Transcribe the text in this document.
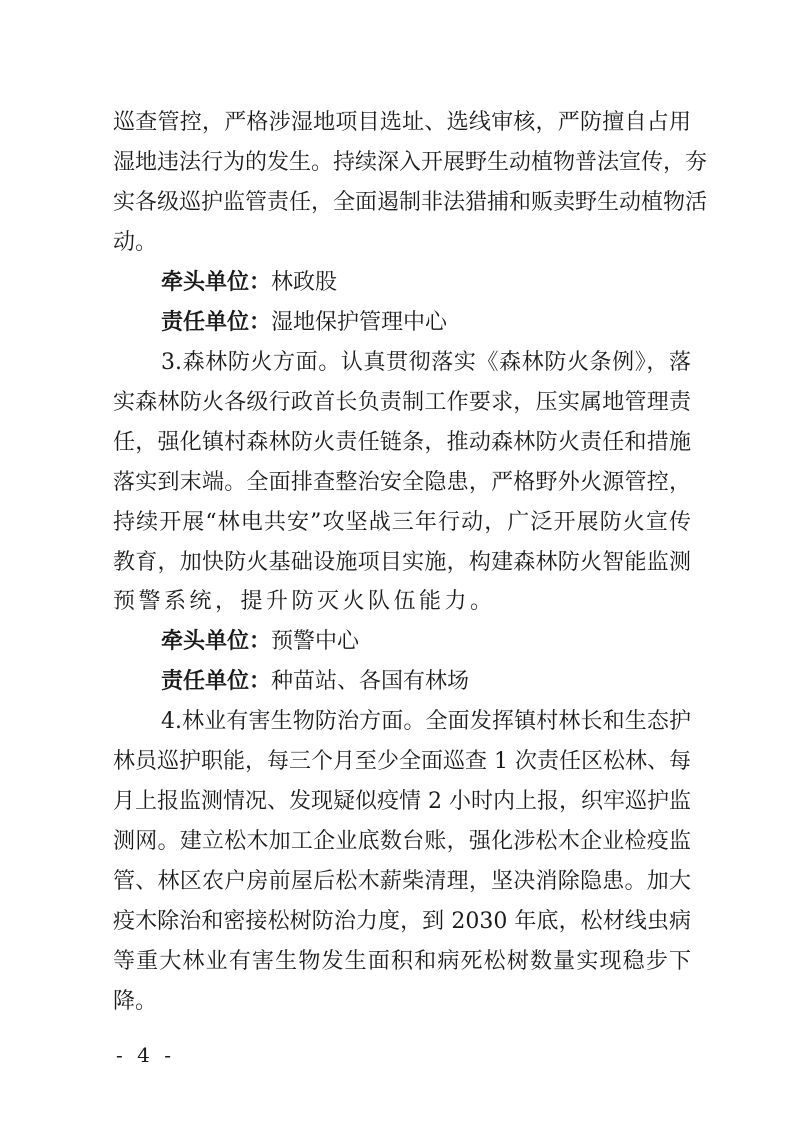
巡查管控，严格涉湿地项目选址、选线审核，严防擅自占用
湿地违法行为的发生。持续深入开展野生动植物普法宣传，夯
实各级巡护监管责任，全面遏制非法猎捕和贩卖野生动植物活
动。
牵头单位：林政股
责任单位：湿地保护管理中心
3.森林防火方面。认真贯彻落实《森林防火条例》，落
实森林防火各级行政首长负责制工作要求，压实属地管理责
任，强化镇村森林防火责任链条，推动森林防火责任和措施
落实到末端。全面排查整治安全隐患，严格野外火源管控，
持续开展“林电共安”攻坚战三年行动，广泛开展防火宣传
教育，加快防火基础设施项目实施，构建森林防火智能监测
预警系统，提升防灭火队伍能力。
牵头单位：预警中心
责任单位：种苗站、各国有林场
4.林业有害生物防治方面。全面发挥镇村林长和生态护
林员巡护职能，每三个月至少全面巡查 1 次责任区松林、每
月上报监测情况、发现疑似疫情 2 小时内上报，织牢巡护监
测网。建立松木加工企业底数台账，强化涉松木企业检疫监
管、林区农户房前屋后松木薪柴清理，坚决消除隐患。加大
疫木除治和密接松树防治力度，到 2030 年底，松材线虫病
等重大林业有害生物发生面积和病死松树数量实现稳步下
降。
- 4 -
